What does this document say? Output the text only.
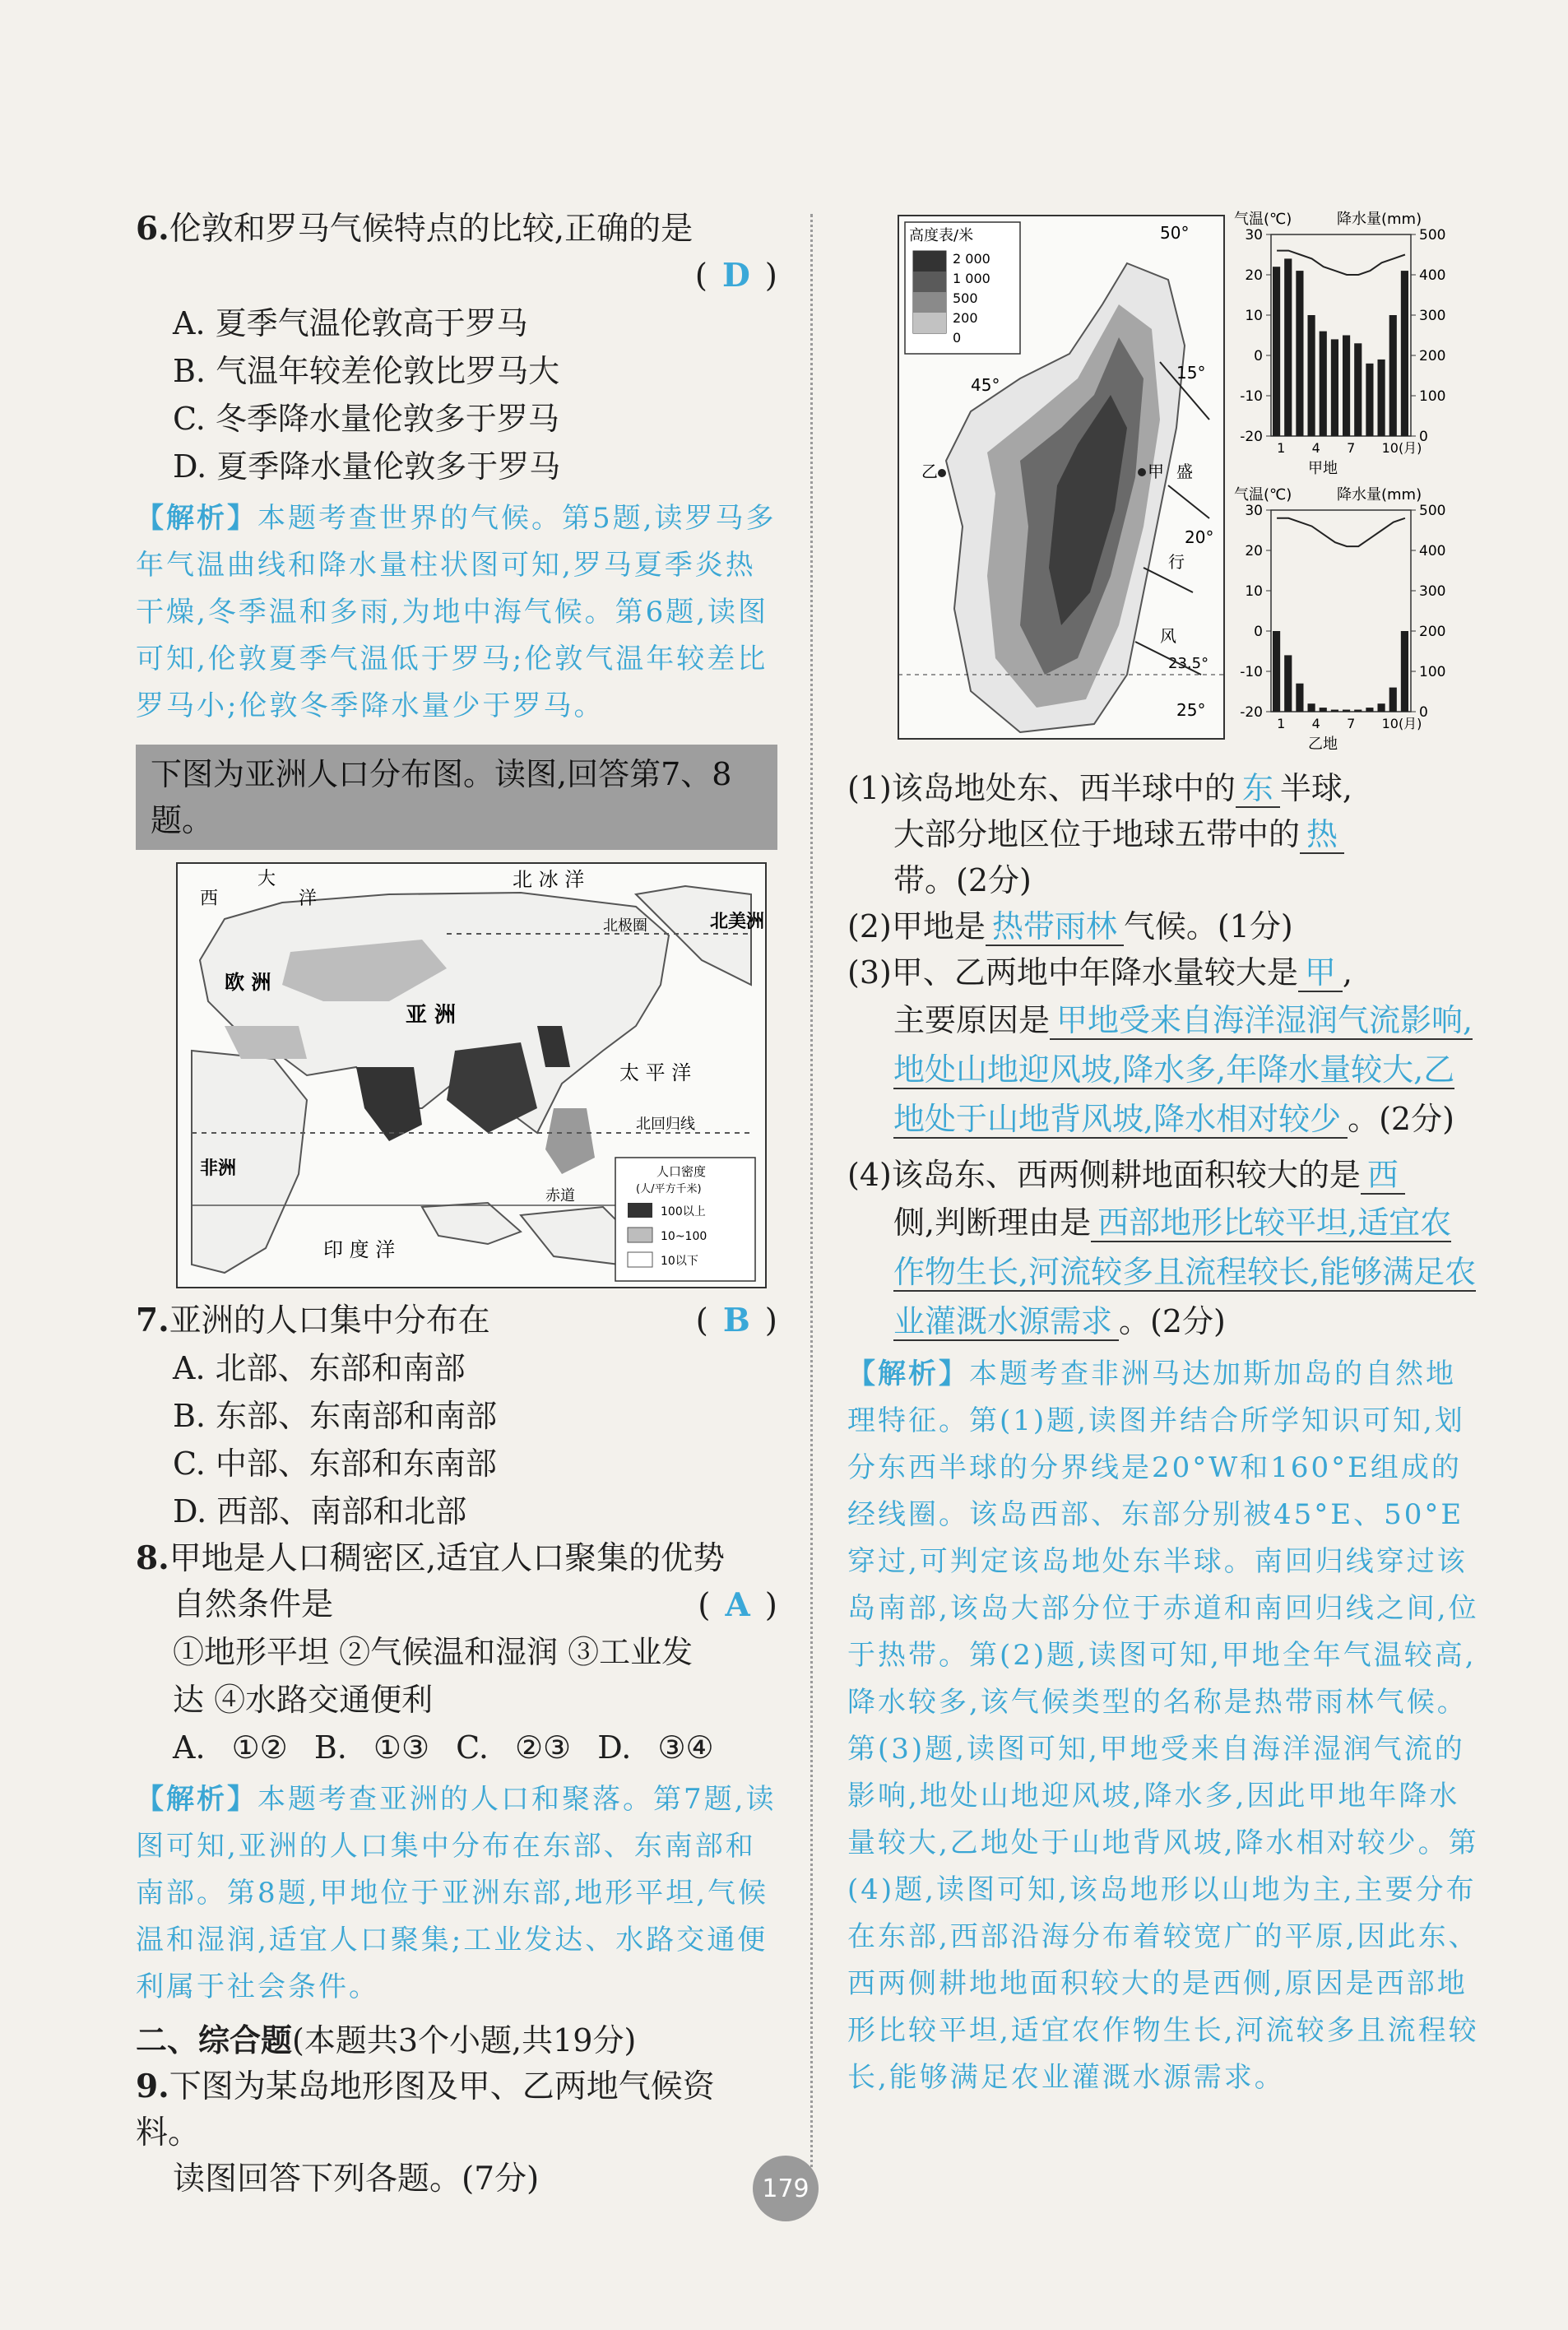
6.伦敦和罗马气候特点的比较,正确的是

( D )

A. 夏季气温伦敦高于罗马

B. 气温年较差伦敦比罗马大

C. 冬季降水量伦敦多于罗马

D. 夏季降水量伦敦多于罗马

【解析】本题考查世界的气候。第5题,读罗马多年气温曲线和降水量柱状图可知,罗马夏季炎热干燥,冬季温和多雨,为地中海气候。第6题,读图可知,伦敦夏季气温低于罗马;伦敦气温年较差比罗马小;伦敦冬季降水量少于罗马。

下图为亚洲人口分布图。读图,回答第7、8题。
大
西	洋
北 冰 洋
北美洲
北极圈
欧 洲
亚 洲
太 平 洋
北回归线
非洲
赤道
印 度 洋
人口密度
(人/平方千米)
100以上
10~100
10以下

7.亚洲的人口集中分布在	( B )

A. 北部、东部和南部

B. 东部、东南部和南部

C. 中部、东部和东南部

D. 西部、南部和北部

8.甲地是人口稠密区,适宜人口聚集的优势

自然条件是	( A )

①地形平坦 ②气候温和湿润 ③工业发

达 ④水路交通便利

A. ①② B. ①③ C. ②③ D. ③④

【解析】本题考查亚洲的人口和聚落。第7题,读图可知,亚洲的人口集中分布在东部、东南部和南部。第8题,甲地位于亚洲东部,地形平坦,气候温和湿润,适宜人口聚集;工业发达、水路交通便利属于社会条件。

二、综合题(本题共3个小题,共19分)

9.下图为某岛地形图及甲、乙两地气候资料。

读图回答下列各题。(7分)

高度表/米
2 000
1 000
500
200
0
50°
15°
45°
乙	甲 盛
20°
行
风
23.5°
25°
气温(℃)	降水量(mm)
30
20
10
0
-10
-20
500
400
300
200
100
0
1 4 7 10(月)
甲地
气温(℃)	降水量(mm)
30
20
10
0
-10
-20
500
400
300
200
100
0
1 4 7 10(月)
乙地
(1)该岛地处东、西半球中的 东 半球,
大部分地区位于地球五带中的 热
带。(2分)
(2)甲地是 热带雨林 气候。(1分)
(3)甲、乙两地中年降水量较大是 甲 ,
主要原因是 甲地受来自海洋湿润气流影响,地处山地迎风坡,降水多,年降水量较大,乙地处于山地背风坡,降水相对较少 。(2分)
(4)该岛东、西两侧耕地面积较大的是 西
侧,判断理由是 西部地形比较平坦,适宜农作物生长,河流较多且流程较长,能够满足农业灌溉水源需求 。(2分)

【解析】本题考查非洲马达加斯加岛的自然地理特征。第(1)题,读图并结合所学知识可知,划分东西半球的分界线是20°W和160°E组成的经线圈。该岛西部、东部分别被45°E、50°E穿过,可判定该岛地处东半球。南回归线穿过该岛南部,该岛大部分位于赤道和南回归线之间,位于热带。第(2)题,读图可知,甲地全年气温较高,降水较多,该气候类型的名称是热带雨林气候。第(3)题,读图可知,甲地受来自海洋湿润气流的影响,地处山地迎风坡,降水多,因此甲地年降水量较大,乙地处于山地背风坡,降水相对较少。第(4)题,读图可知,该岛地形以山地为主,主要分布在东部,西部沿海分布着较宽广的平原,因此东、西两侧耕地地面积较大的是西侧,原因是西部地形比较平坦,适宜农作物生长,河流较多且流程较长,能够满足农业灌溉水源需求。

179
